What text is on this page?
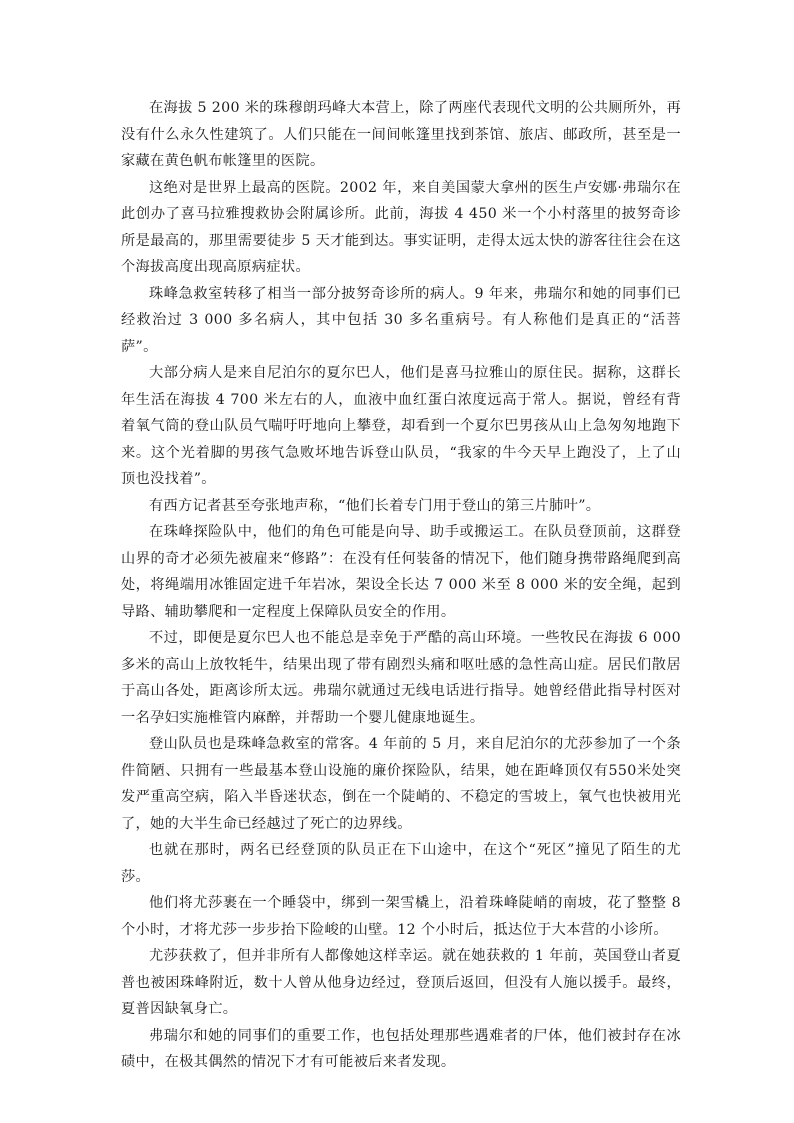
在海拔 5 200 米的珠穆朗玛峰大本营上，除了两座代表现代文明的公共厕所外，再没有什么永久性建筑了。人们只能在一间间帐篷里找到茶馆、旅店、邮政所，甚至是一家藏在黄色帆布帐篷里的医院。

这绝对是世界上最高的医院。2002 年，来自美国蒙大拿州的医生卢安娜·弗瑞尔在此创办了喜马拉雅搜救协会附属诊所。此前，海拔 4 450 米一个小村落里的披努奇诊所是最高的，那里需要徒步 5 天才能到达。事实证明，走得太远太快的游客往往会在这个海拔高度出现高原病症状。

珠峰急救室转移了相当一部分披努奇诊所的病人。9 年来，弗瑞尔和她的同事们已经救治过 3 000 多名病人，其中包括 30 多名重病号。有人称他们是真正的“活菩萨”。

大部分病人是来自尼泊尔的夏尔巴人，他们是喜马拉雅山的原住民。据称，这群长年生活在海拔 4 700 米左右的人，血液中血红蛋白浓度远高于常人。据说，曾经有背着氧气筒的登山队员气喘吁吁地向上攀登，却看到一个夏尔巴男孩从山上急匆匆地跑下来。这个光着脚的男孩气急败坏地告诉登山队员，“我家的牛今天早上跑没了，上了山顶也没找着”。

有西方记者甚至夸张地声称，“他们长着专门用于登山的第三片肺叶”。

在珠峰探险队中，他们的角色可能是向导、助手或搬运工。在队员登顶前，这群登山界的奇才必须先被雇来“修路”：在没有任何装备的情况下，他们随身携带路绳爬到高处，将绳端用冰锥固定进千年岩冰，架设全长达 7 000 米至 8 000 米的安全绳，起到导路、辅助攀爬和一定程度上保障队员安全的作用。

不过，即便是夏尔巴人也不能总是幸免于严酷的高山环境。一些牧民在海拔 6 000 多米的高山上放牧牦牛，结果出现了带有剧烈头痛和呕吐感的急性高山症。居民们散居于高山各处，距离诊所太远。弗瑞尔就通过无线电话进行指导。她曾经借此指导村医对一名孕妇实施椎管内麻醉，并帮助一个婴儿健康地诞生。

登山队员也是珠峰急救室的常客。4 年前的 5 月，来自尼泊尔的尤莎参加了一个条件简陋、只拥有一些最基本登山设施的廉价探险队，结果，她在距峰顶仅有550米处突发严重高空病，陷入半昏迷状态，倒在一个陡峭的、不稳定的雪坡上，氧气也快被用光了，她的大半生命已经越过了死亡的边界线。

也就在那时，两名已经登顶的队员正在下山途中，在这个“死区”撞见了陌生的尤莎。

他们将尤莎裹在一个睡袋中，绑到一架雪橇上，沿着珠峰陡峭的南坡，花了整整 8 个小时，才将尤莎一步步抬下险峻的山壁。12 个小时后，抵达位于大本营的小诊所。

尤莎获救了，但并非所有人都像她这样幸运。就在她获救的 1 年前，英国登山者夏普也被困珠峰附近，数十人曾从他身边经过，登顶后返回，但没有人施以援手。最终，夏普因缺氧身亡。

弗瑞尔和她的同事们的重要工作，也包括处理那些遇难者的尸体，他们被封存在冰碛中，在极其偶然的情况下才有可能被后来者发现。
